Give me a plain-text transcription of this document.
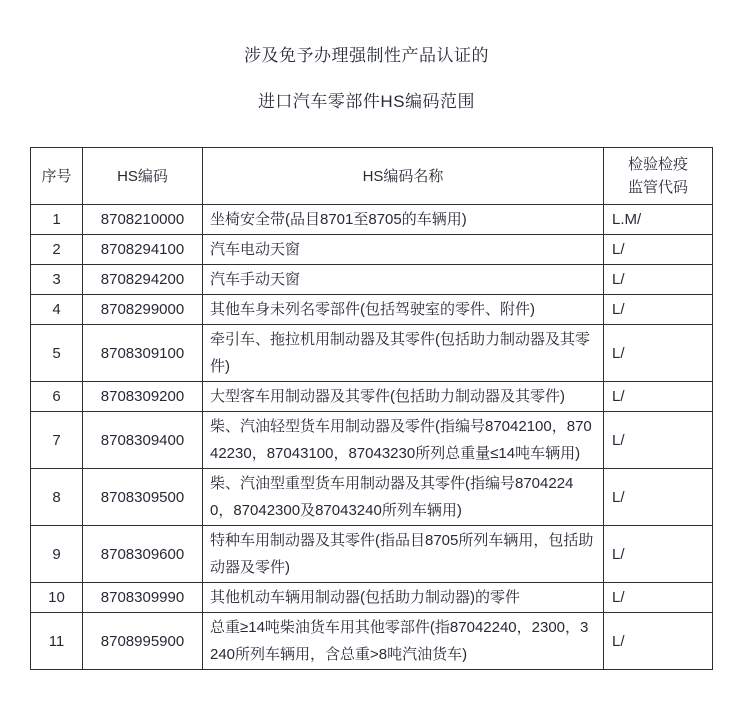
涉及免予办理强制性产品认证的
进口汽车零部件HS编码范围
序号	HS编码	HS编码名称	检验检疫
监管代码

1	8708210000	坐椅安全带(品目8701至8705的车辆用)	L.M/
2	8708294100	汽车电动天窗	L/
3	8708294200	汽车手动天窗	L/
4	8708299000	其他车身未列名零部件(包括驾驶室的零件、附件)	L/
5	8708309100	牵引车、拖拉机用制动器及其零件(包括助力制动器及其零件)	L/
6	8708309200	大型客车用制动器及其零件(包括助力制动器及其零件)	L/
7	8708309400	柴、汽油轻型货车用制动器及零件(指编号87042100，87042230，87043100，87043230所列总重量≤14吨车辆用)	L/
8	8708309500	柴、汽油型重型货车用制动器及其零件(指编号87042240，87042300及87043240所列车辆用)	L/
9	8708309600	特种车用制动器及其零件(指品目8705所列车辆用，包括助动器及零件)	L/
10	8708309990	其他机动车辆用制动器(包括助力制动器)的零件	L/
11	8708995900	总重≥14吨柴油货车用其他零部件(指87042240，2300，3240所列车辆用，含总重>8吨汽油货车)	L/
